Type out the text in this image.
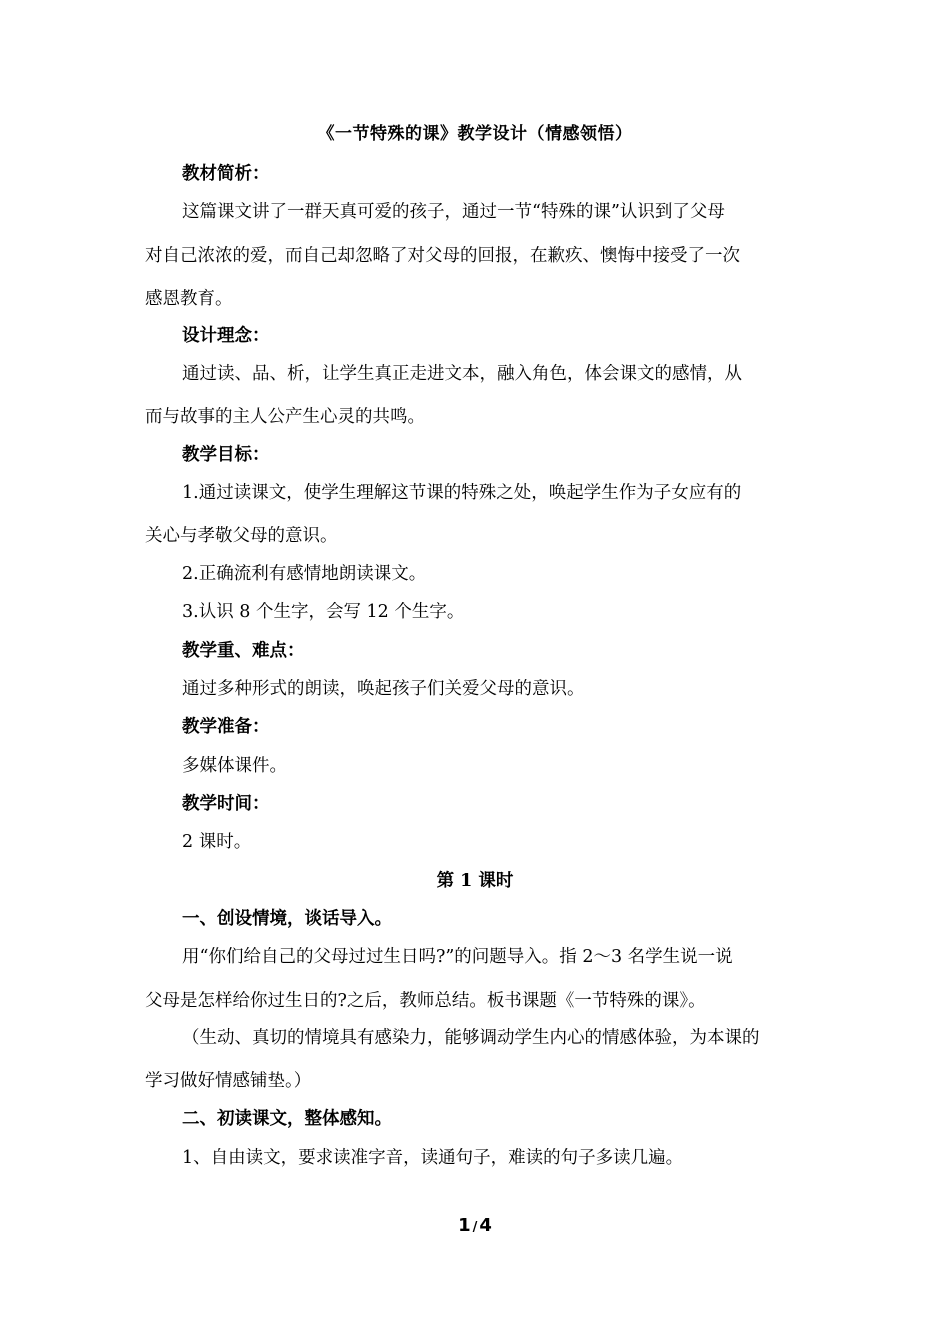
《一节特殊的课》教学设计（情感领悟）
教材简析：
这篇课文讲了一群天真可爱的孩子，通过一节“特殊的课”认识到了父母
对自己浓浓的爱，而自己却忽略了对父母的回报，在歉疚、懊悔中接受了一次
感恩教育。
设计理念：
通过读、品、析，让学生真正走进文本，融入角色，体会课文的感情，从
而与故事的主人公产生心灵的共鸣。
教学目标：
1.通过读课文，使学生理解这节课的特殊之处，唤起学生作为子女应有的
关心与孝敬父母的意识。
2.正确流利有感情地朗读课文。
3.认识 8 个生字，会写 12 个生字。
教学重、难点：
通过多种形式的朗读，唤起孩子们关爱父母的意识。
教学准备：
多媒体课件。
教学时间：
2 课时。
第 1 课时
一、创设情境，谈话导入。
用“你们给自己的父母过过生日吗?”的问题导入。指 2～3 名学生说一说
父母是怎样给你过生日的?之后，教师总结。板书课题《一节特殊的课》。
（生动、真切的情境具有感染力，能够调动学生内心的情感体验，为本课的
学习做好情感铺垫。）
二、初读课文，整体感知。
1、自由读文，要求读准字音，读通句子，难读的句子多读几遍。
1 / 4
